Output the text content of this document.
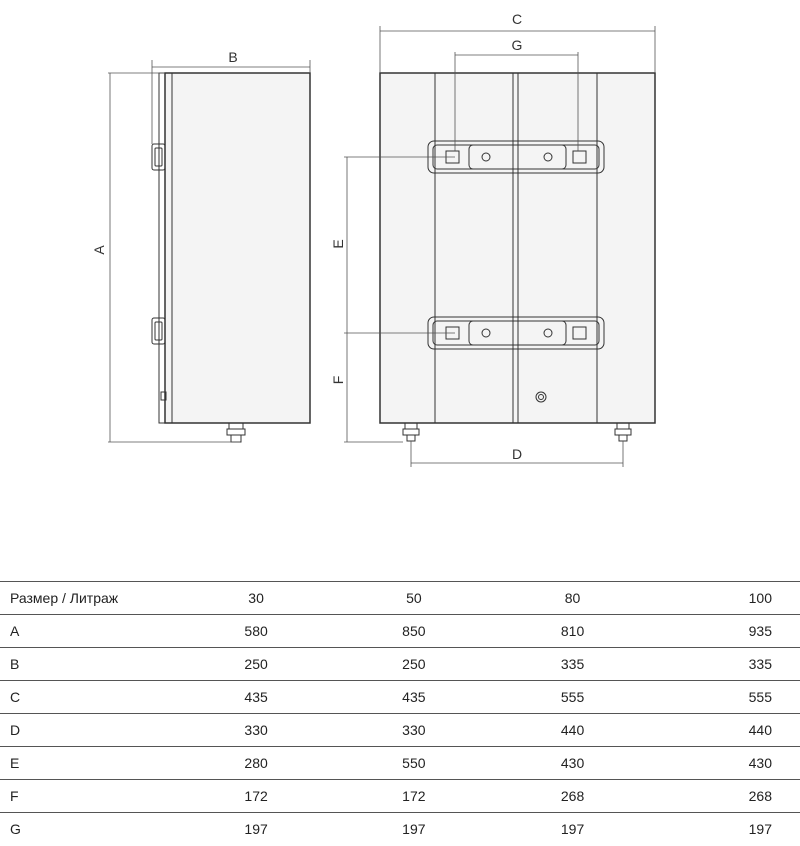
A
B
C
G
E
F
D
Размер / Литраж	30	50	80	100
A	580	850	810	935
B	250	250	335	335
C	435	435	555	555
D	330	330	440	440
E	280	550	430	430
F	172	172	268	268
G	197	197	197	197
